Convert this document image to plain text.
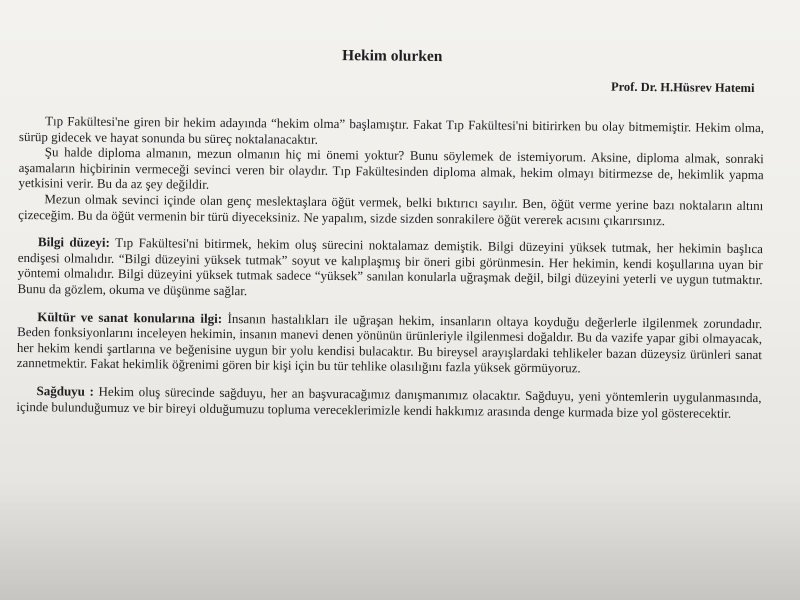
Hekim olurken
Prof. Dr. H.Hüsrev Hatemi

Tıp Fakültesi'ne giren bir hekim adayında “hekim olma” başlamıştır. Fakat Tıp Fakültesi'ni bitirirken bu olay bitmemiştir. Hekim olma, sürüp gidecek ve hayat sonunda bu süreç noktalanacaktır.

Şu halde diploma almanın, mezun olmanın hiç mi önemi yoktur? Bunu söylemek de istemiyorum. Aksine, diploma almak, sonraki aşamaların hiçbirinin vermeceği sevinci veren bir olaydır. Tıp Fakültesinden diploma almak, hekim olmayı bitirmezse de, hekimlik yapma yetkisini verir. Bu da az şey değildir.

Mezun olmak sevinci içinde olan genç meslektaşlara öğüt vermek, belki bıktırıcı sayılır. Ben, öğüt verme yerine bazı noktaların altını çizeceğim. Bu da öğüt vermenin bir türü diyeceksiniz. Ne yapalım, sizde sizden sonrakilere öğüt vererek acısını çıkarırsınız.

Bilgi düzeyi: Tıp Fakültesi'ni bitirmek, hekim oluş sürecini noktalamaz demiştik. Bilgi düzeyini yüksek tutmak, her hekimin başlıca endişesi olmalıdır. “Bilgi düzeyini yüksek tutmak” soyut ve kalıplaşmış bir öneri gibi görünmesin. Her hekimin, kendi koşullarına uyan bir yöntemi olmalıdır. Bilgi düzeyini yüksek tutmak sadece “yüksek” sanılan konularla uğraşmak değil, bilgi düzeyini yeterli ve uygun tutmaktır. Bunu da gözlem, okuma ve düşünme sağlar.

Kültür ve sanat konularına ilgi: İnsanın hastalıkları ile uğraşan hekim, insanların oltaya koyduğu değerlerle ilgilenmek zorundadır. Beden fonksiyonlarını inceleyen hekimin, insanın manevi denen yönünün ürünleriyle ilgilenmesi doğaldır. Bu da vazife yapar gibi olmayacak, her hekim kendi şartlarına ve beğenisine uygun bir yolu kendisi bulacaktır. Bu bireysel arayışlardaki tehlikeler bazan düzeysiz ürünleri sanat zannetmektir. Fakat hekimlik öğrenimi gören bir kişi için bu tür tehlike olasılığını fazla yüksek görmüyoruz.

Sağduyu : Hekim oluş sürecinde sağduyu, her an başvuracağımız danışmanımız olacaktır. Sağduyu, yeni yöntemlerin uygulanmasında, içinde bulunduğumuz ve bir bireyi olduğumuzu topluma vereceklerimizle kendi hakkımız arasında denge kurmada bize yol gösterecektir.
